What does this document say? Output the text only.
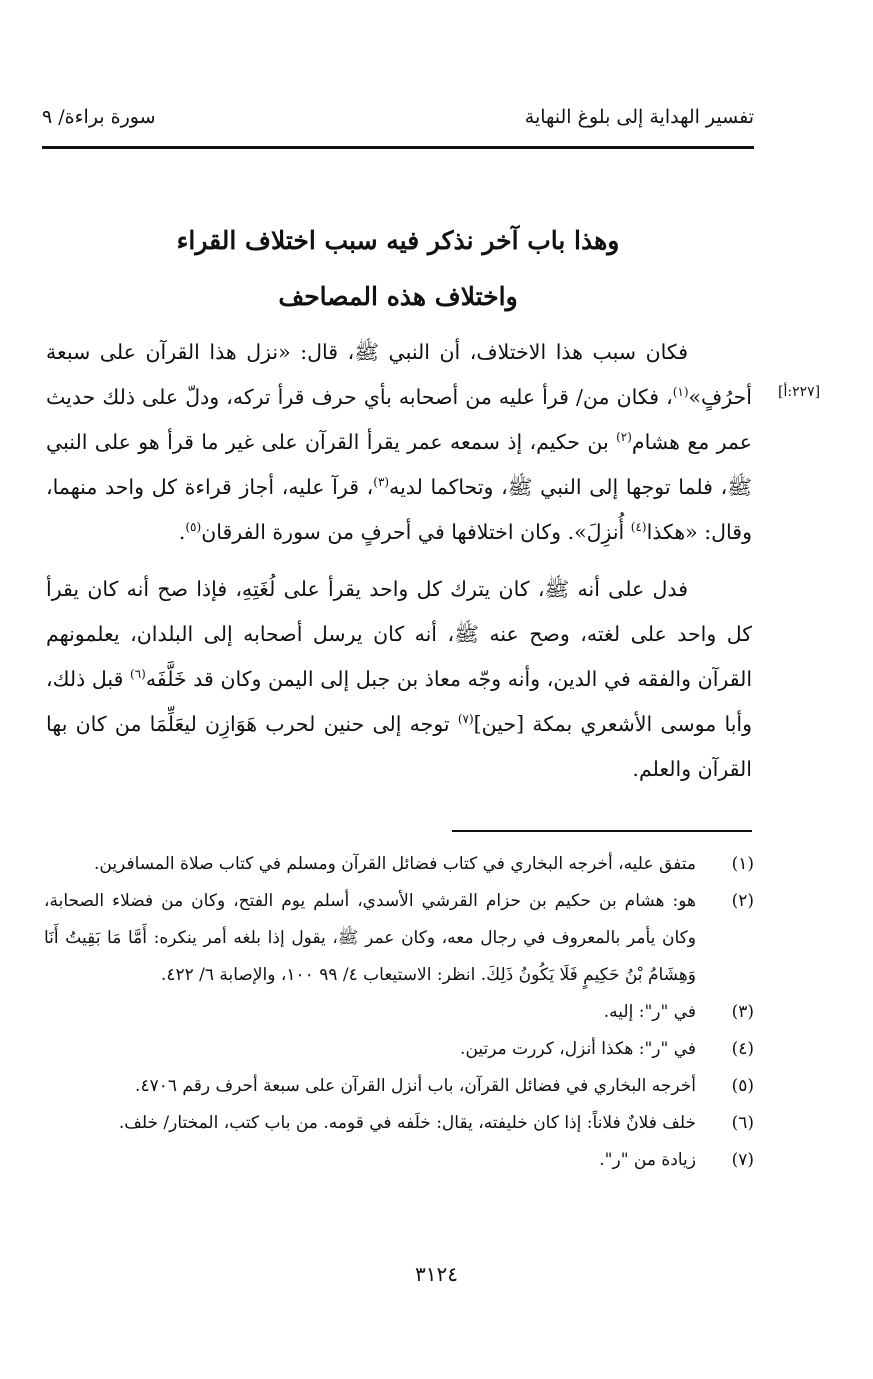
تفسير الهداية إلى بلوغ النهاية
سورة براءة/ ٩
وهذا باب آخر نذكر فيه سبب اختلاف القراء
واختلاف هذه المصاحف
[٢٢٧:أ]

فكان سبب هذا الاختلاف، أن النبي ﷺ، قال: «نزل هذا القرآن على سبعة أحرُفٍ»$^{(١)}$، فكان من/ قرأ عليه من أصحابه بأي حرف قرأ تركه، ودلّ على ذلك حديث عمر مع هشام$^{(٢)}$ بن حكيم، إذ سمعه عمر يقرأ القرآن على غير ما قرأ هو على النبي ﷺ، فلما توجها إلى النبي ﷺ، وتحاكما لديه$^{(٣)}$، قرآ عليه، أجاز قراءة كل واحد منهما، وقال: «هكذا$^{(٤)}$ أُنزِلَ». وكان اختلافها في أحرفٍ من سورة الفرقان$^{(٥)}$.

فدل على أنه ﷺ، كان يترك كل واحد يقرأ على لُغَتِهِ، فإذا صح أنه كان يقرأ كل واحد على لغته، وصح عنه ﷺ، أنه كان يرسل أصحابه إلى البلدان، يعلمونهم القرآن والفقه في الدين، وأنه وجّه معاذ بن جبل إلى اليمن وكان قد خَلَّفَه$^{(٦)}$ قبل ذلك، وأبا موسى الأشعري بمكة [حين]$^{(٧)}$ توجه إلى حنين لحرب هَوَازِن ليعَلِّمَا من كان بها القرآن والعلم.

(١)
متفق عليه، أخرجه البخاري في كتاب فضائل القرآن ومسلم في كتاب صلاة المسافرين.
(٢)
هو: هشام بن حكيم بن حزام القرشي الأسدي، أسلم يوم الفتح، وكان من فضلاء الصحابة، وكان يأمر بالمعروف في رجال معه، وكان عمر ﷺ، يقول إذا بلغه أمر ينكره: أَمَّا مَا بَقِيتُ أَنَا وَهِشَامُ بْنُ حَكِيمٍ فَلَا يَكُونُ ذَلِكَ. انظر: الاستيعاب ٤/ ٩٩ ١٠٠، والإصابة ٦/ ٤٢٢.
(٣)
في "ر": إليه.
(٤)
في "ر": هكذا أنزل، كررت مرتين.
(٥)
أخرجه البخاري في فضائل القرآن، باب أنزل القرآن على سبعة أحرف رقم ٤٧٠٦.
(٦)
خلف فلانٌ فلاناً: إذا كان خليفته، يقال: خلَفه في قومه. من باب كتب، المختار/ خلف.
(٧)
زيادة من "ر".
٣١٢٤
